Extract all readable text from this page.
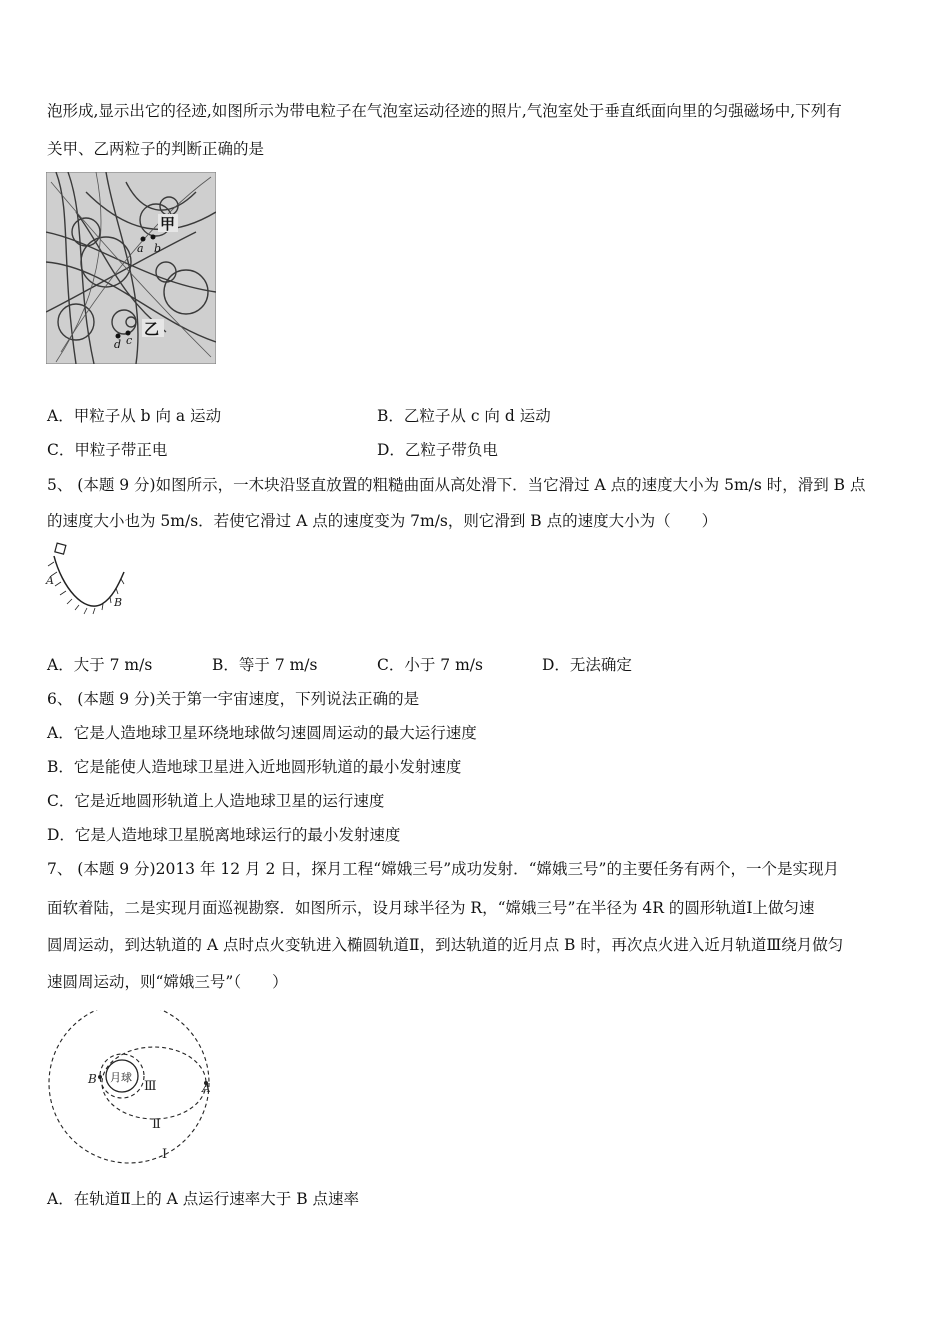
泡形成,显示出它的径迹,如图所示为带电粒子在气泡室运动径迹的照片,气泡室处于垂直纸面向里的匀强磁场中,下列有
关甲、乙两粒子的判断正确的是
甲
乙
a b
d c
A．甲粒子从 b 向 a 运动	B．乙粒子从 c 向 d 运动
C．甲粒子带正电	D．乙粒子带负电
5、 (本题 9 分)如图所示，一木块沿竖直放置的粗糙曲面从高处滑下．当它滑过 A 点的速度大小为 5m/s 时，滑到 B 点
的速度大小也为 5m/s．若使它滑过 A 点的速度变为 7m/s，则它滑到 B 点的速度大小为（　　）
A
B
A．大于 7 m/s	B．等于 7 m/s	C．小于 7 m/s	D．无法确定
6、 (本题 9 分)关于第一宇宙速度，下列说法正确的是
A．它是人造地球卫星环绕地球做匀速圆周运动的最大运行速度
B．它是能使人造地球卫星进入近地圆形轨道的最小发射速度
C．它是近地圆形轨道上人造地球卫星的运行速度
D．它是人造地球卫星脱离地球运行的最小发射速度
7、 (本题 9 分)2013 年 12 月 2 日，探月工程“嫦娥三号”成功发射．“嫦娥三号”的主要任务有两个，一个是实现月
面软着陆，二是实现月面巡视勘察．如图所示，设月球半径为 R，“嫦娥三号”在半径为 4R 的圆形轨道Ⅰ上做匀速
圆周运动，到达轨道的 A 点时点火变轨进入椭圆轨道Ⅱ，到达轨道的近月点 B 时，再次点火进入近月轨道Ⅲ绕月做匀
速圆周运动，则“嫦娥三号”（　　）
月球
B
A
Ⅲ
Ⅱ
Ⅰ
A．在轨道Ⅱ上的 A 点运行速率大于 B 点速率
